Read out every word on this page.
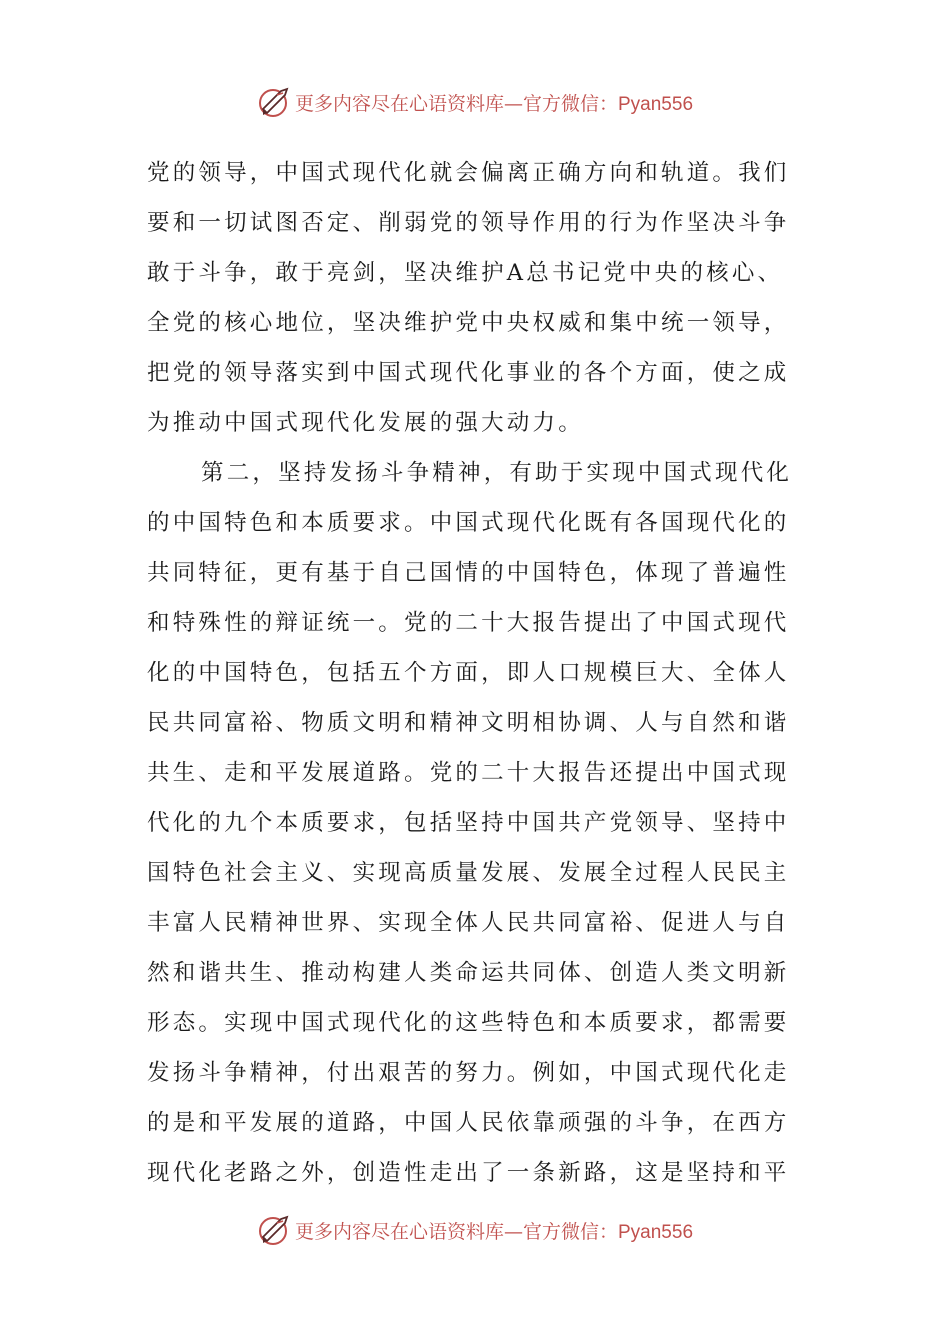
更多内容尽在心语资料库—官方微信：Pyan556
党的领导，中国式现代化就会偏离正确方向和轨道。我们
要和一切试图否定、削弱党的领导作用的行为作坚决斗争
敢于斗争，敢于亮剑，坚决维护A总书记党中央的核心、
全党的核心地位，坚决维护党中央权威和集中统一领导，
把党的领导落实到中国式现代化事业的各个方面，使之成
为推动中国式现代化发展的强大动力。
第二，坚持发扬斗争精神，有助于实现中国式现代化
的中国特色和本质要求。中国式现代化既有各国现代化的
共同特征，更有基于自己国情的中国特色，体现了普遍性
和特殊性的辩证统一。党的二十大报告提出了中国式现代
化的中国特色，包括五个方面，即人口规模巨大、全体人
民共同富裕、物质文明和精神文明相协调、人与自然和谐
共生、走和平发展道路。党的二十大报告还提出中国式现
代化的九个本质要求，包括坚持中国共产党领导、坚持中
国特色社会主义、实现高质量发展、发展全过程人民民主
丰富人民精神世界、实现全体人民共同富裕、促进人与自
然和谐共生、推动构建人类命运共同体、创造人类文明新
形态。实现中国式现代化的这些特色和本质要求，都需要
发扬斗争精神，付出艰苦的努力。例如，中国式现代化走
的是和平发展的道路，中国人民依靠顽强的斗争，在西方
现代化老路之外，创造性走出了一条新路，这是坚持和平
更多内容尽在心语资料库—官方微信：Pyan556
